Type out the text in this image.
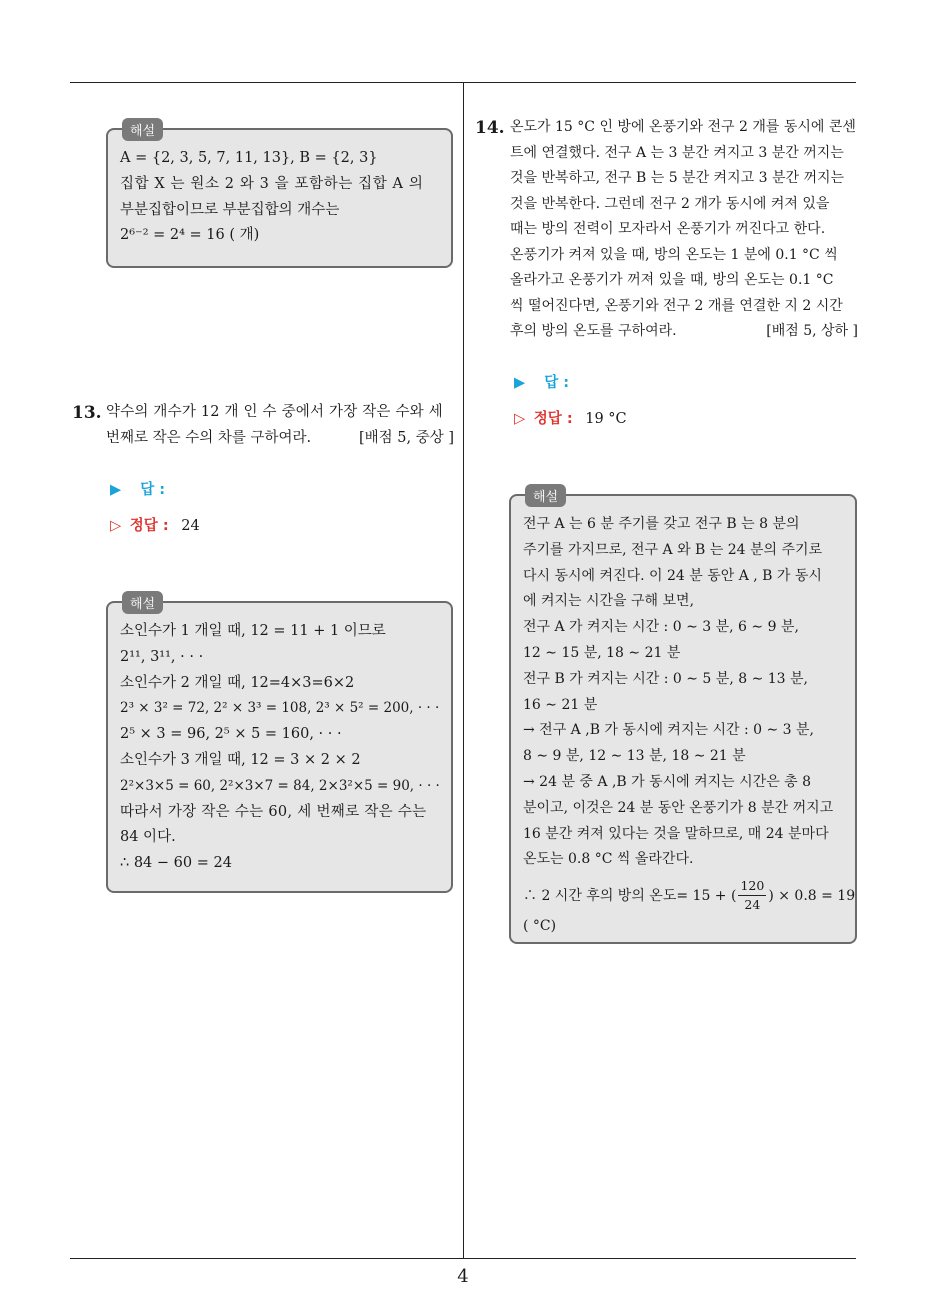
4
해설
A = {2, 3, 5, 7, 11, 13}, B = {2, 3}
집합 X 는 원소 2 와 3 을 포함하는 집합 A 의
부분집합이므로 부분집합의 개수는
2⁶⁻² = 2⁴ = 16 ( 개)
13. 약수의 개수가 12 개 인 수 중에서 가장 작은 수와 세
번째로 작은 수의 차를 구하여라.	[배점 5, 중상 ]
▶ 답 :
▷ 정답 : 24
해설
소인수가 1 개일 때, 12 = 11 + 1 이므로
2¹¹, 3¹¹, · · ·
소인수가 2 개일 때, 12=4×3=6×2
2³ × 3² = 72, 2² × 3³ = 108, 2³ × 5² = 200, · · ·
2⁵ × 3 = 96, 2⁵ × 5 = 160, · · ·
소인수가 3 개일 때, 12 = 3 × 2 × 2
2²×3×5 = 60, 2²×3×7 = 84, 2×3²×5 = 90, · · ·
따라서 가장 작은 수는 60, 세 번째로 작은 수는
84 이다.
∴ 84 − 60 = 24
14. 온도가 15 °C 인 방에 온풍기와 전구 2 개를 동시에 콘센
트에 연결했다. 전구 A 는 3 분간 켜지고 3 분간 꺼지는
것을 반복하고, 전구 B 는 5 분간 켜지고 3 분간 꺼지는
것을 반복한다. 그런데 전구 2 개가 동시에 켜져 있을
때는 방의 전력이 모자라서 온풍기가 꺼진다고 한다.
온풍기가 켜져 있을 때, 방의 온도는 1 분에 0.1 °C 씩
올라가고 온풍기가 꺼져 있을 때, 방의 온도는 0.1 °C
씩 떨어진다면, 온풍기와 전구 2 개를 연결한 지 2 시간
후의 방의 온도를 구하여라.	[배점 5, 상하 ]
▶ 답 :
▷ 정답 : 19 °C
해설
전구 A 는 6 분 주기를 갖고 전구 B 는 8 분의
주기를 가지므로, 전구 A 와 B 는 24 분의 주기로
다시 동시에 켜진다. 이 24 분 동안 A , B 가 동시
에 켜지는 시간을 구해 보면,
전구 A 가 켜지는 시간 : 0 ∼ 3 분, 6 ∼ 9 분,
12 ∼ 15 분, 18 ∼ 21 분
전구 B 가 켜지는 시간 : 0 ∼ 5 분, 8 ∼ 13 분,
16 ∼ 21 분
→ 전구 A ,B 가 동시에 켜지는 시간 : 0 ∼ 3 분,
8 ∼ 9 분, 12 ∼ 13 분, 18 ∼ 21 분
→ 24 분 중 A ,B 가 동시에 켜지는 시간은 총 8
분이고, 이것은 24 분 동안 온풍기가 8 분간 꺼지고
16 분간 켜져 있다는 것을 말하므로, 매 24 분마다
온도는 0.8 °C 씩 올라간다.
∴ 2 시간 후의 방의 온도= 15 + ( $\frac{120}{24}$ ) × 0.8 = 19
( °C)
